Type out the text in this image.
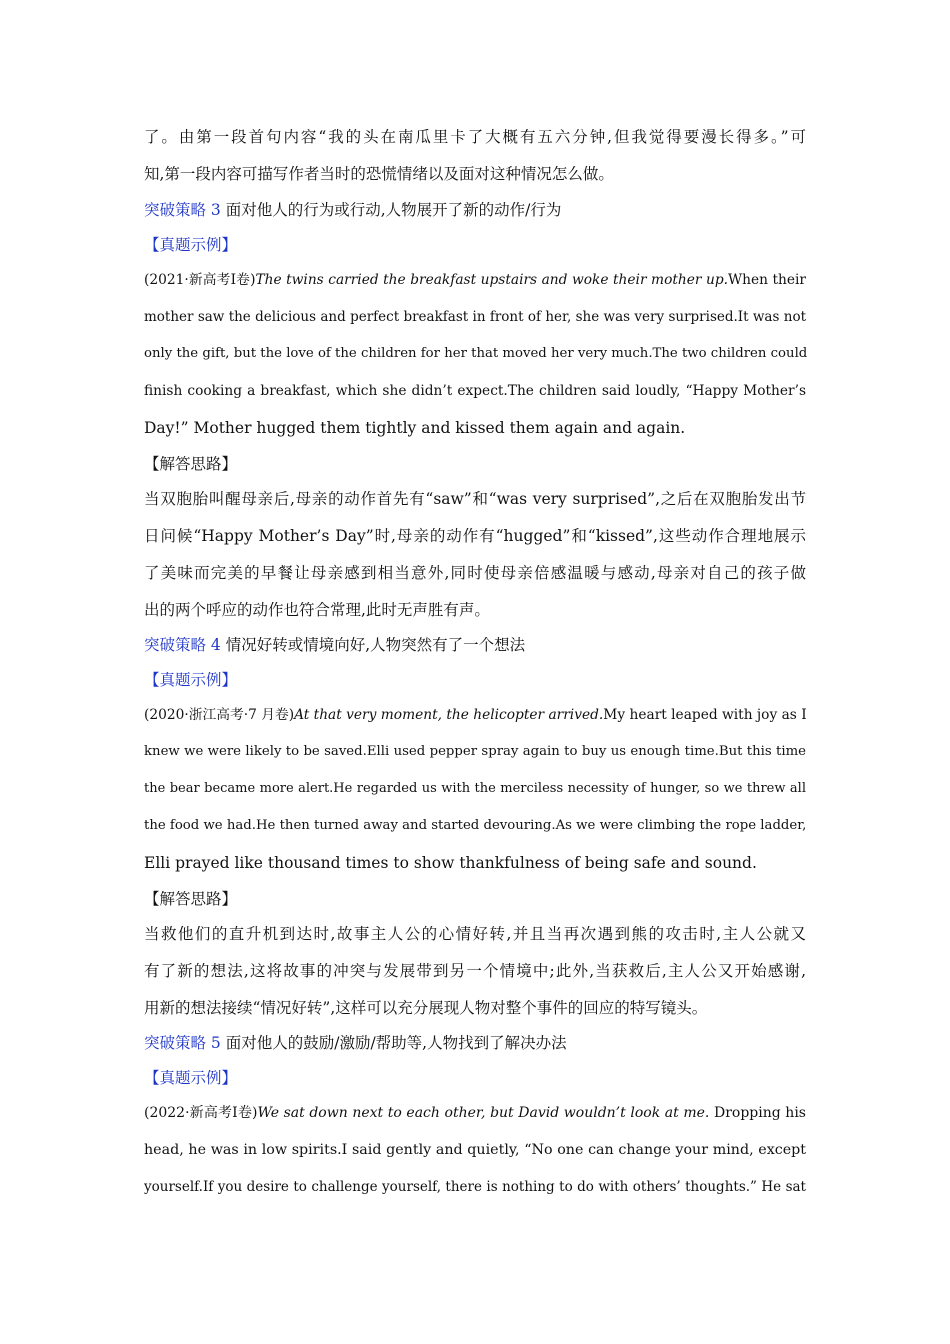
了。由第一段首句内容“我的头在南瓜里卡了大概有五六分钟,但我觉得要漫长得多。”可
知,第一段内容可描写作者当时的恐慌情绪以及面对这种情况怎么做。
突破策略 3 面对他人的行为或行动,人物展开了新的动作/行为
【真题示例】
(2021·新高考Ⅰ卷)The twins carried the breakfast upstairs and woke their mother up.When their
mother saw the delicious and perfect breakfast in front of her, she was very surprised.It was not
only the gift, but the love of the children for her that moved her very much.The two children could
finish cooking a breakfast, which she didn’t expect.The children said loudly, “Happy Mother’s
Day!” Mother hugged them tightly and kissed them again and again.
【解答思路】
当双胞胎叫醒母亲后,母亲的动作首先有“saw”和“was very surprised”,之后在双胞胎发出节
日问候“Happy Mother’s Day”时,母亲的动作有“hugged”和“kissed”,这些动作合理地展示
了美味而完美的早餐让母亲感到相当意外,同时使母亲倍感温暖与感动,母亲对自己的孩子做
出的两个呼应的动作也符合常理,此时无声胜有声。
突破策略 4 情况好转或情境向好,人物突然有了一个想法
【真题示例】
(2020·浙江高考·7 月卷)At that very moment, the helicopter arrived.My heart leaped with joy as I
knew we were likely to be saved.Elli used pepper spray again to buy us enough time.But this time
the bear became more alert.He regarded us with the merciless necessity of hunger, so we threw all
the food we had.He then turned away and started devouring.As we were climbing the rope ladder,
Elli prayed like thousand times to show thankfulness of being safe and sound.
【解答思路】
当救他们的直升机到达时,故事主人公的心情好转,并且当再次遇到熊的攻击时,主人公就又
有了新的想法,这将故事的冲突与发展带到另一个情境中;此外,当获救后,主人公又开始感谢,
用新的想法接续“情况好转”,这样可以充分展现人物对整个事件的回应的特写镜头。
突破策略 5 面对他人的鼓励/激励/帮助等,人物找到了解决办法
【真题示例】
(2022·新高考Ⅰ卷)We sat down next to each other, but David wouldn’t look at me. Dropping his
head, he was in low spirits.I said gently and quietly, “No one can change your mind, except
yourself.If you desire to challenge yourself, there is nothing to do with others’ thoughts.” He sat
